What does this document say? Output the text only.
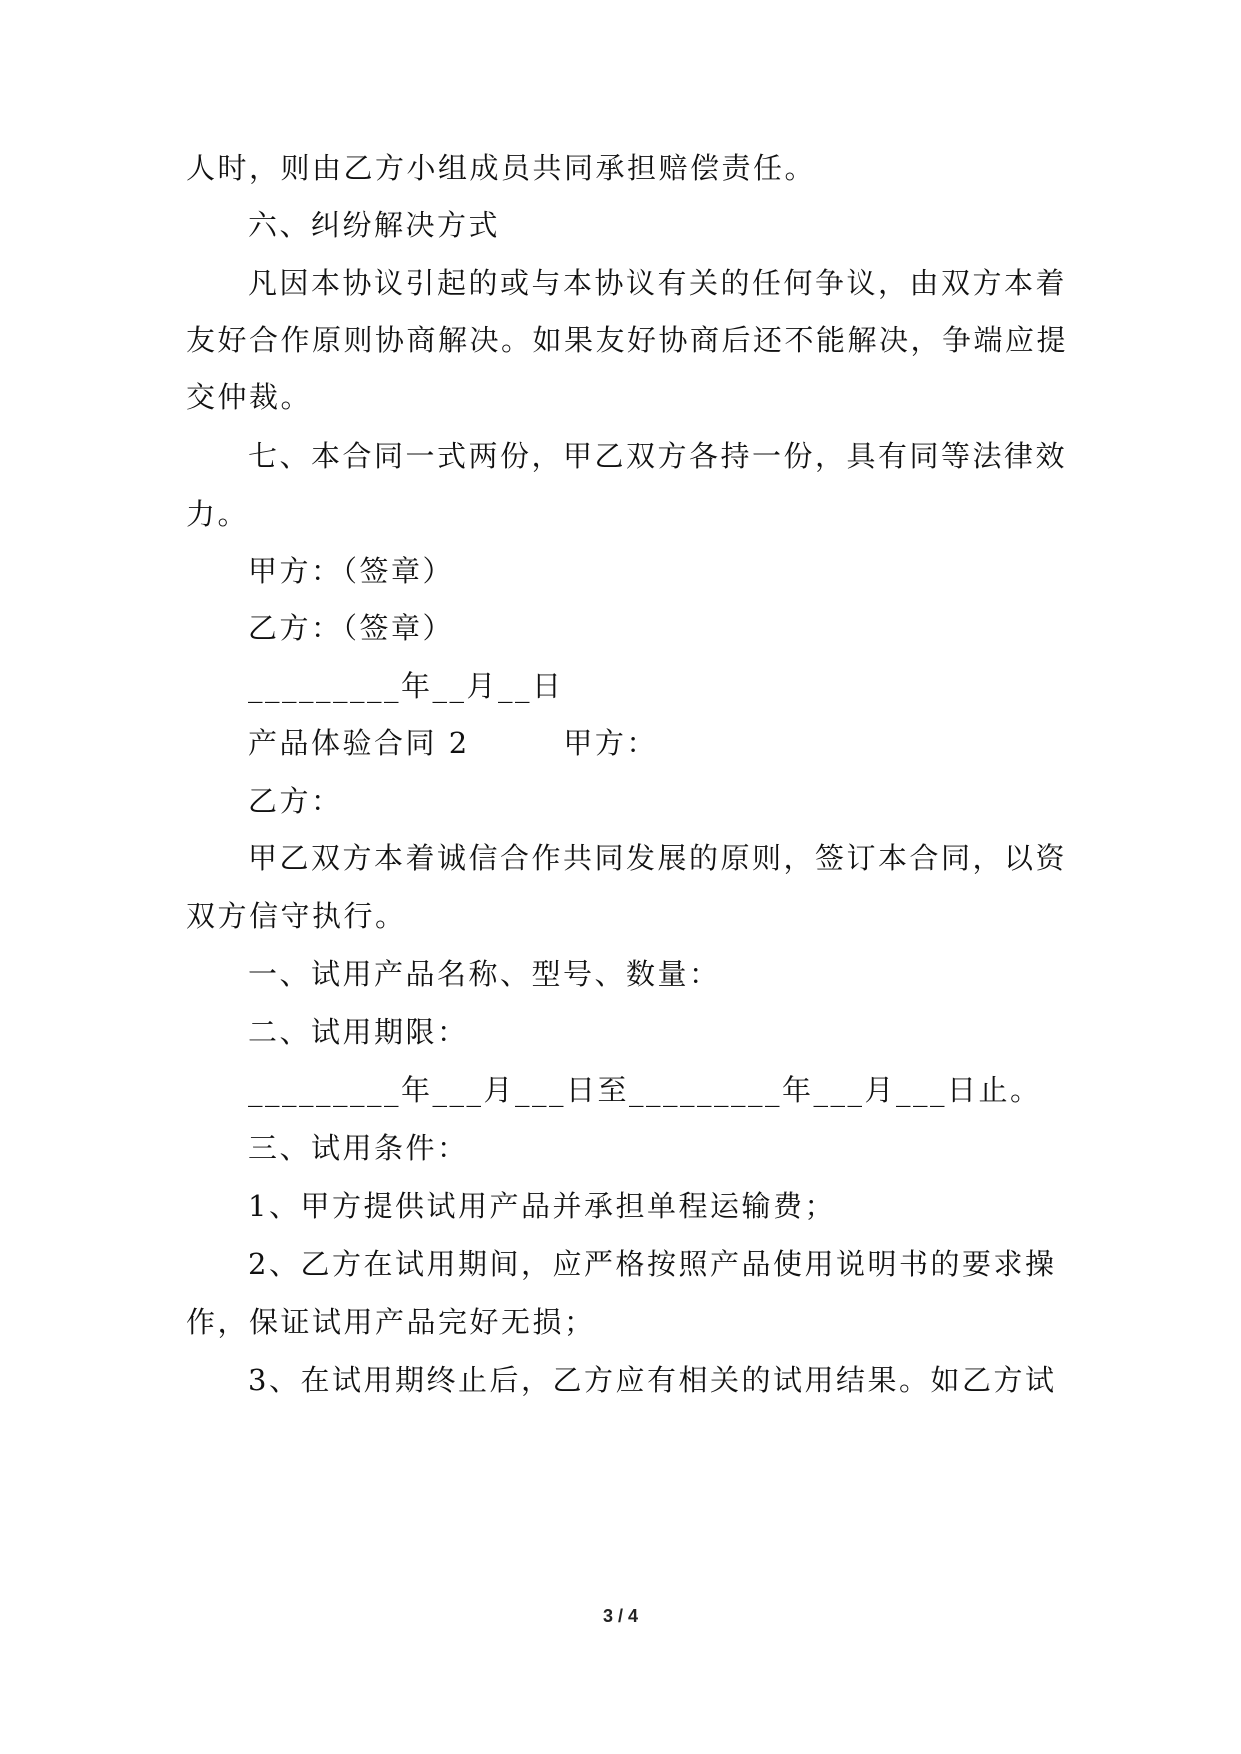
人时，则由乙方小组成员共同承担赔偿责任。
六、纠纷解决方式
凡因本协议引起的或与本协议有关的任何争议，由双方本着
友好合作原则协商解决。如果友好协商后还不能解决，争端应提
交仲裁。
七、本合同一式两份，甲乙双方各持一份，具有同等法律效
力。
甲方：（签章）
乙方：（签章）
_________年__月__日
产品体验合同 2        甲方：
乙方：
甲乙双方本着诚信合作共同发展的原则，签订本合同，以资
双方信守执行。
一、试用产品名称、型号、数量：
二、试用期限：
_________年___月___日至_________年___月___日止。
三、试用条件：
1、甲方提供试用产品并承担单程运输费；
2、乙方在试用期间，应严格按照产品使用说明书的要求操
作，保证试用产品完好无损；
3、在试用期终止后，乙方应有相关的试用结果。如乙方试
3 / 4
